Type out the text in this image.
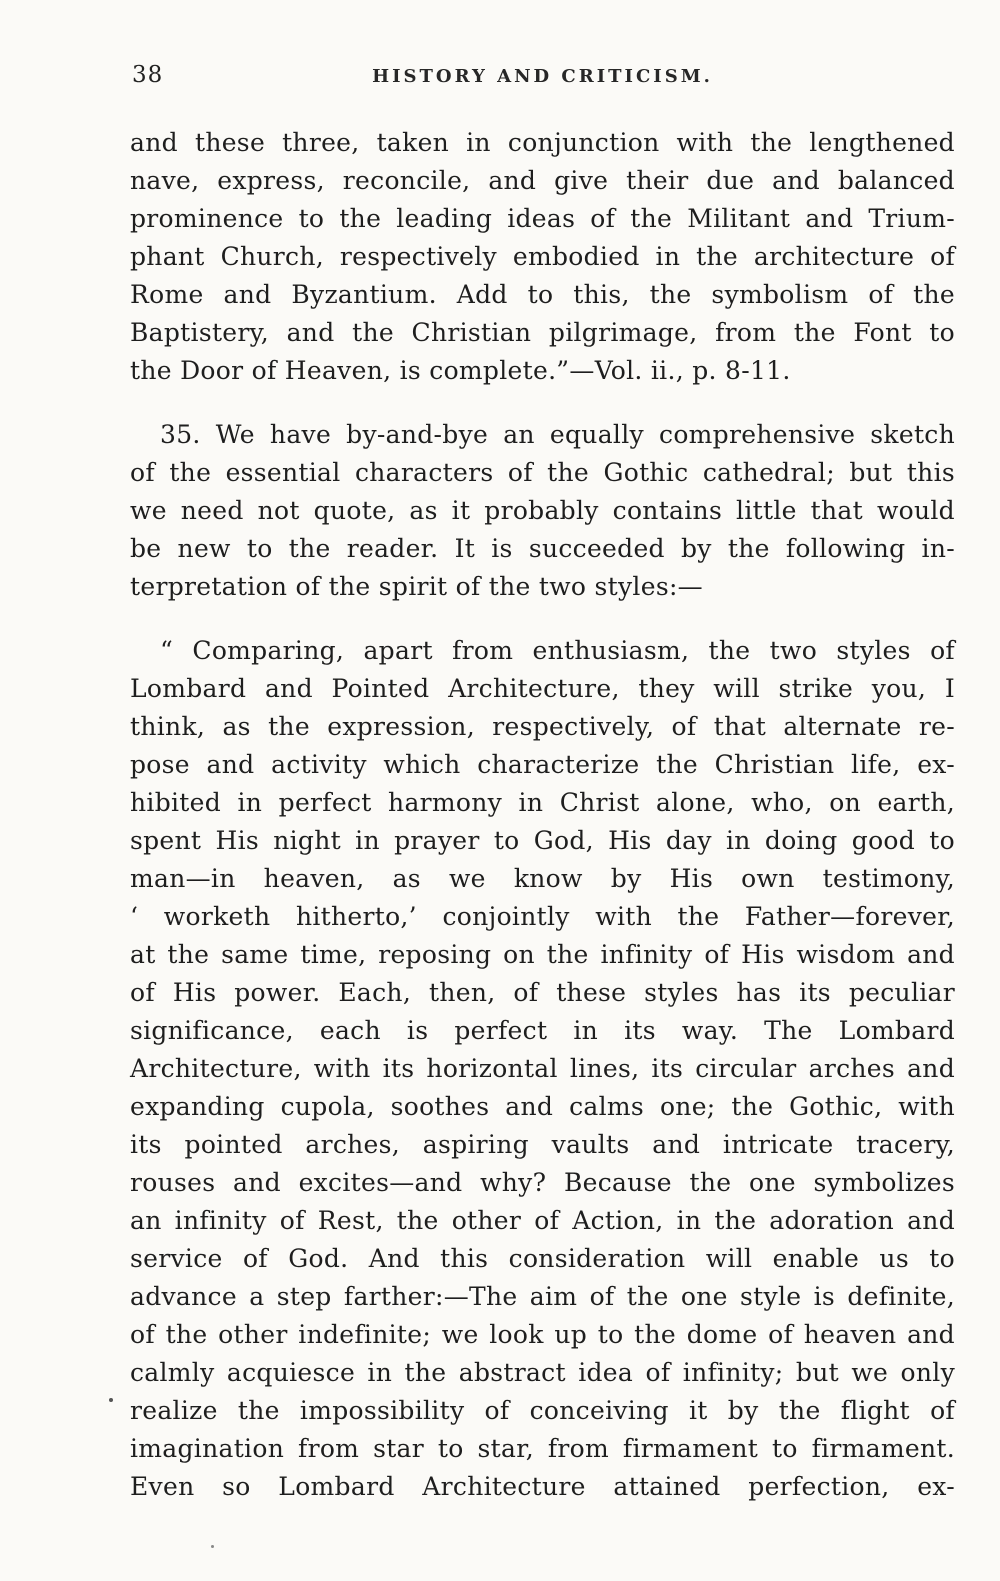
38	HISTORY AND CRITICISM.
and these three, taken in conjunction with the lengthened
nave, express, reconcile, and give their due and balanced
prominence to the leading ideas of the Militant and Trium-
phant Church, respectively embodied in the architecture of
Rome and Byzantium. Add to this, the symbolism of the
Baptistery, and the Christian pilgrimage, from the Font to
the Door of Heaven, is complete.”—Vol. ii., p. 8-11.
35. We have by-and-bye an equally comprehensive sketch
of the essential characters of the Gothic cathedral; but this
we need not quote, as it probably contains little that would
be new to the reader. It is succeeded by the following in-
terpretation of the spirit of the two styles:—
“ Comparing, apart from enthusiasm, the two styles of
Lombard and Pointed Architecture, they will strike you, I
think, as the expression, respectively, of that alternate re-
pose and activity which characterize the Christian life, ex-
hibited in perfect harmony in Christ alone, who, on earth,
spent His night in prayer to God, His day in doing good to
man—in heaven, as we know by His own testimony,
‘ worketh hitherto,’ conjointly with the Father—forever,
at the same time, reposing on the infinity of His wisdom and
of His power. Each, then, of these styles has its peculiar
significance, each is perfect in its way. The Lombard
Architecture, with its horizontal lines, its circular arches and
expanding cupola, soothes and calms one; the Gothic, with
its pointed arches, aspiring vaults and intricate tracery,
rouses and excites—and why? Because the one symbolizes
an infinity of Rest, the other of Action, in the adoration and
service of God. And this consideration will enable us to
advance a step farther:—The aim of the one style is definite,
of the other indefinite; we look up to the dome of heaven and
calmly acquiesce in the abstract idea of infinity; but we only
realize the impossibility of conceiving it by the flight of
imagination from star to star, from firmament to firmament.
Even so Lombard Architecture attained perfection, ex-
